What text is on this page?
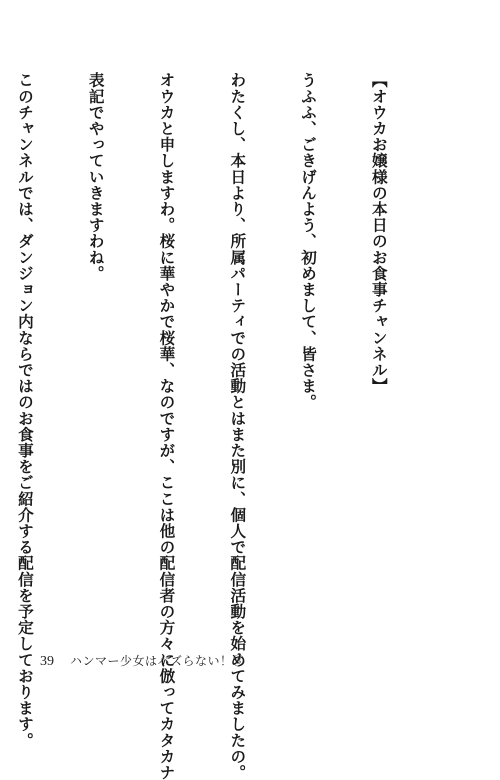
【オウカお嬢様の本日のお食事チャンネル】

うふふ、ごきげんよう、初めまして、皆さま。

わたくし、本日より、所属パーティでの活動とはまた別に、個人で配信活動を始めてみましたの。

オウカと申しますわ。桜に華やかで桜華、なのですが、ここは他の配信者の方々に倣ってカタカナ

表記でやっていきますわね。

このチャンネルでは、ダンジョン内ならではのお食事をご紹介する配信を予定しております。

39 ハンマー少女はバズらない！③
